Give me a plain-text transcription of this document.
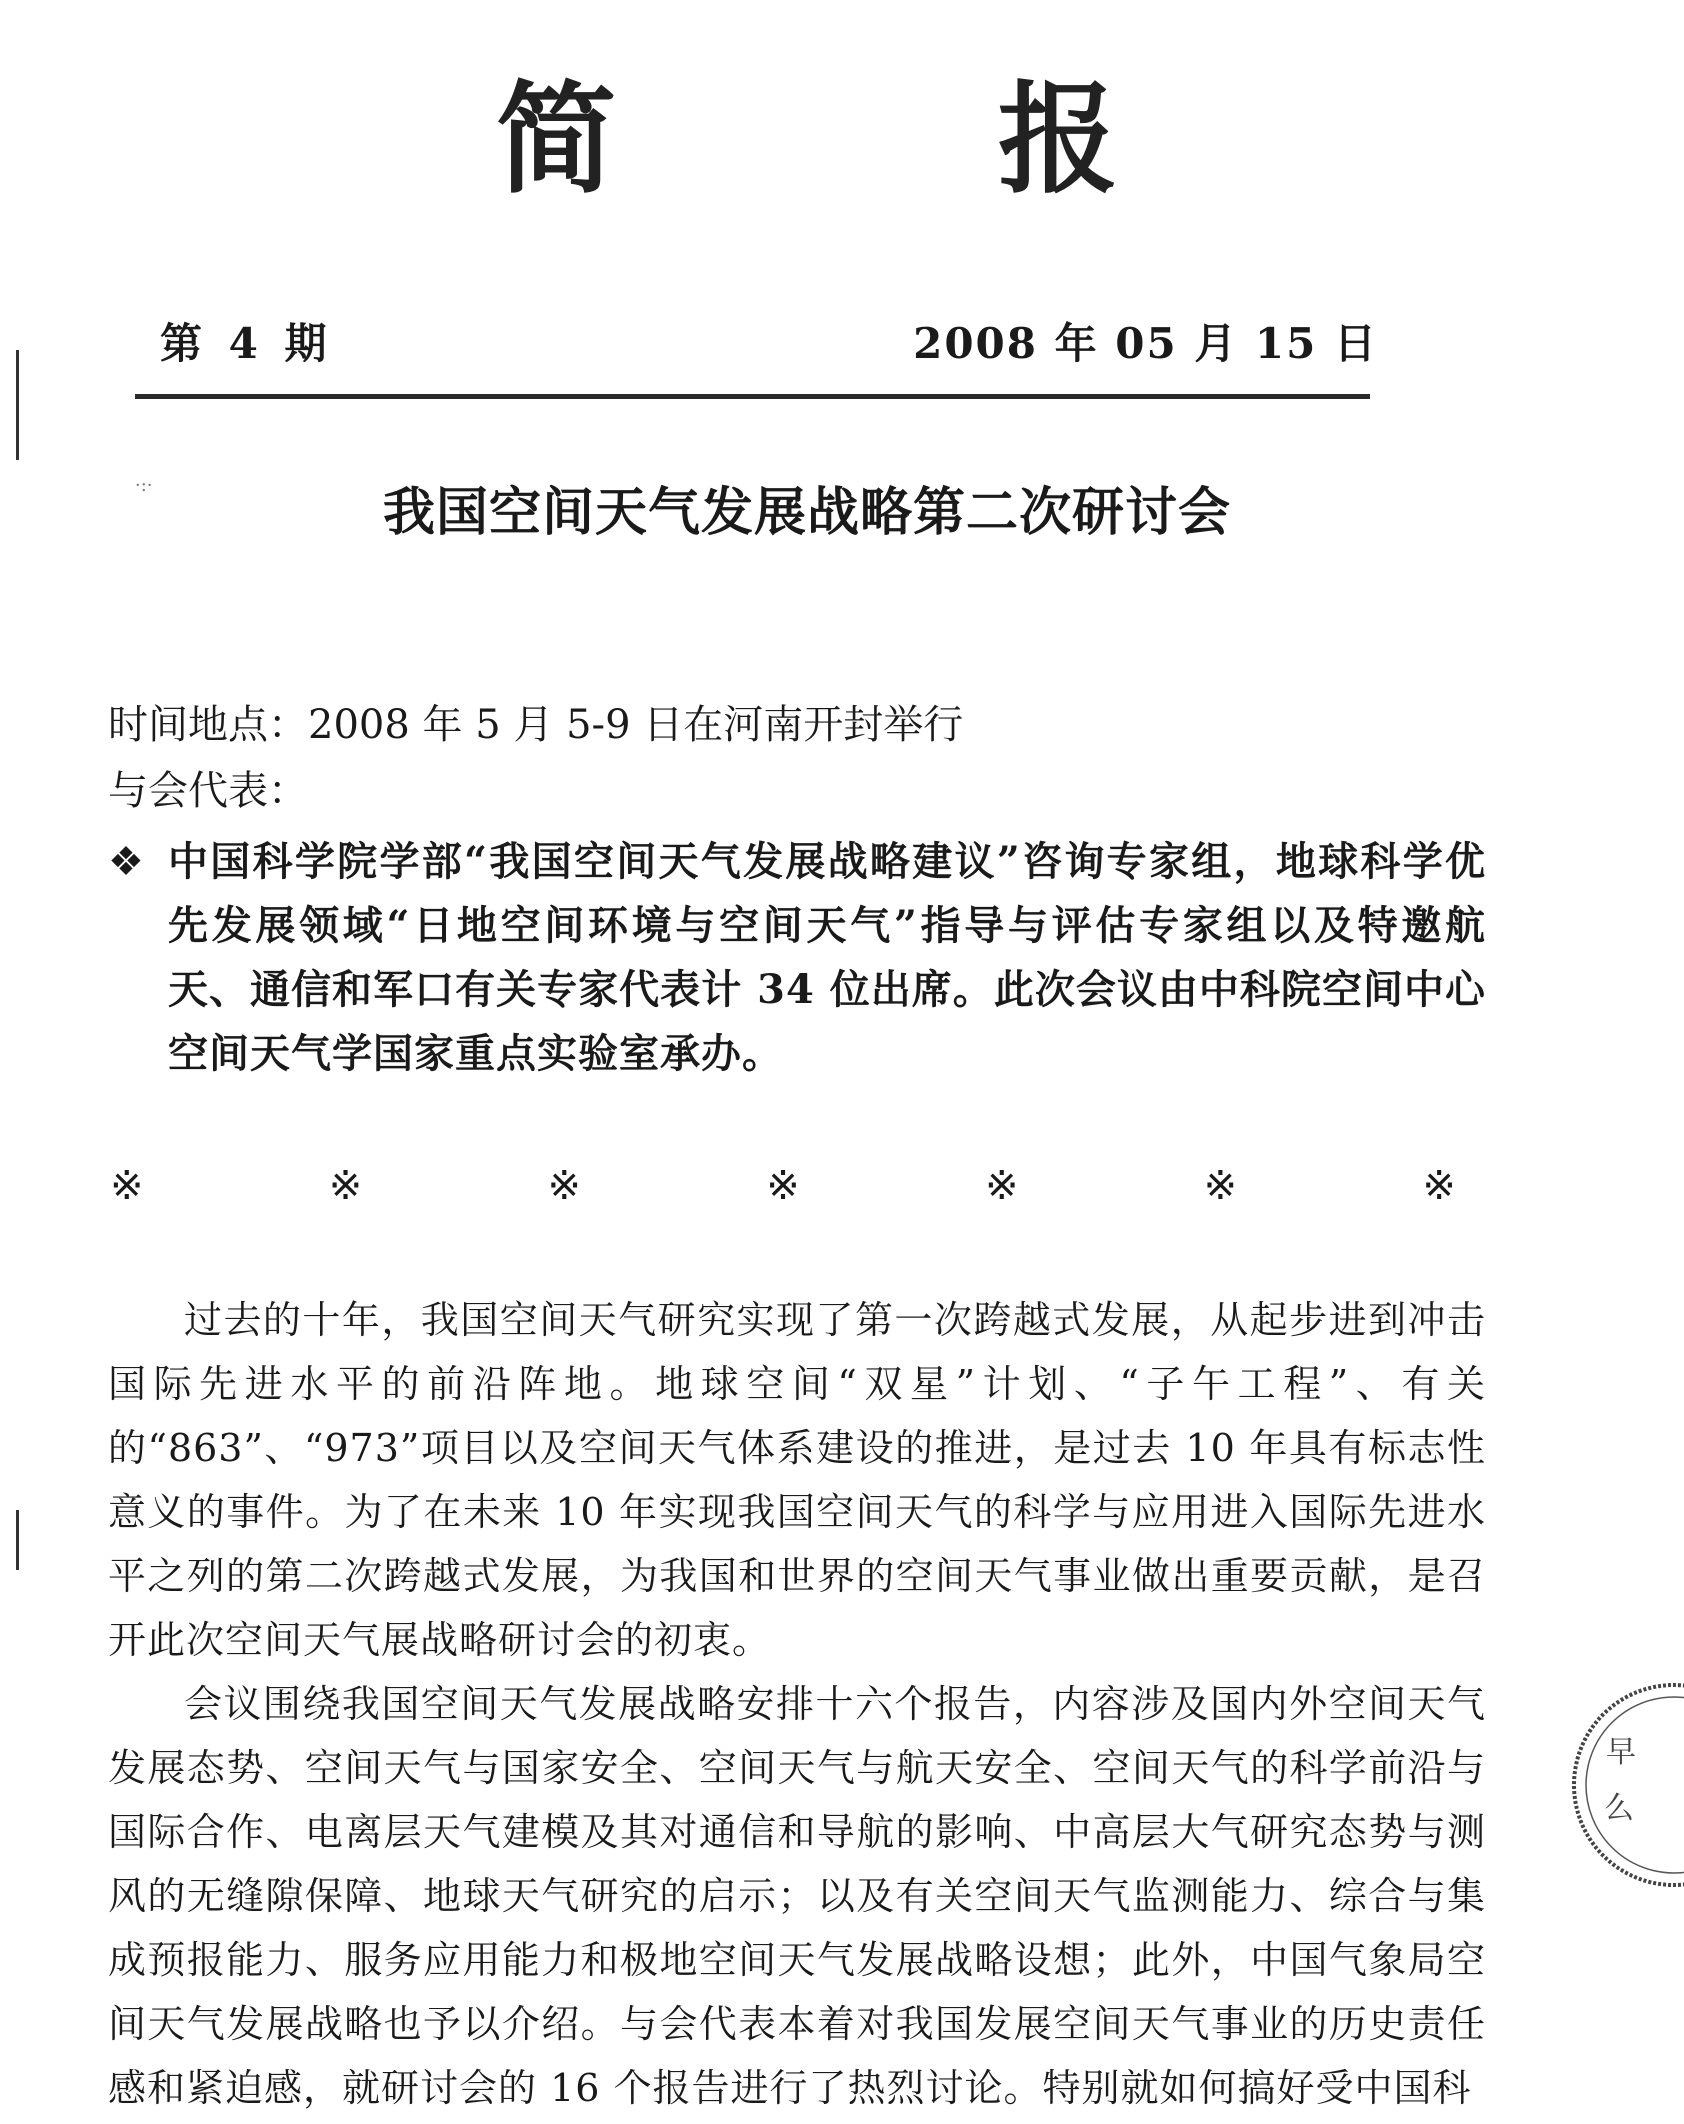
·:·
简 报
第 4 期	2008 年 05 月 15 日
我国空间天气发展战略第二次研讨会
时间地点：2008 年 5 月 5-9 日在河南开封举行
与会代表：
❖ 中国科学院学部“我国空间天气发展战略建议”咨询专家组，地球科学优先发展领域“日地空间环境与空间天气”指导与评估专家组以及特邀航天、通信和军口有关专家代表计 34 位出席。此次会议由中科院空间中心空间天气学国家重点实验室承办。
※	※	※	※	※	※	※

过去的十年，我国空间天气研究实现了第一次跨越式发展，从起步进到冲击国际先进水平的前沿阵地。地球空间“双星”计划、“子午工程”、有关的“863”、“973”项目以及空间天气体系建设的推进，是过去 10 年具有标志性意义的事件。为了在未来 10 年实现我国空间天气的科学与应用进入国际先进水平之列的第二次跨越式发展，为我国和世界的空间天气事业做出重要贡献，是召开此次空间天气展战略研讨会的初衷。

会议围绕我国空间天气发展战略安排十六个报告，内容涉及国内外空间天气发展态势、空间天气与国家安全、空间天气与航天安全、空间天气的科学前沿与国际合作、电离层天气建模及其对通信和导航的影响、中高层大气研究态势与测风的无缝隙保障、地球天气研究的启示；以及有关空间天气监测能力、综合与集成预报能力、服务应用能力和极地空间天气发展战略设想；此外，中国气象局空间天气发展战略也予以介绍。与会代表本着对我国发展空间天气事业的历史责任感和紧迫感，就研讨会的 16 个报告进行了热烈讨论。特别就如何搞好受中国科

早
么
